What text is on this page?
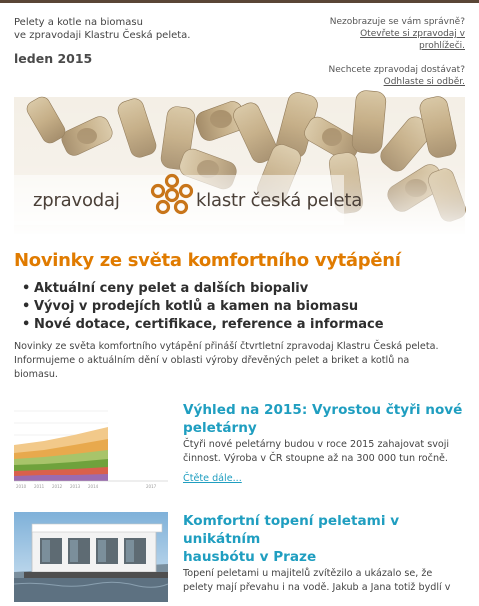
Pelety a kotle na biomasu
ve zpravodaji Klastru Česká peleta.
leden 2015
Nezobrazuje se vám správně?
Otevřete si zpravodaj v
prohlížeči.
Nechcete zpravodaj dostávat?
Odhlaste si odběr.
zpravodaj	klastr česká peleta
Novinky ze světa komfortního vytápění
• Aktuální ceny pelet a dalších biopaliv
• Vývoj v prodejích kotlů a kamen na biomasu
• Nové dotace, certifikace, reference a informace
Novinky ze světa komfortního vytápění přináší čtvrtletní zpravodaj Klastru Česká peleta.
Informujeme o aktuálním dění v oblasti výroby dřevěných pelet a briket a kotlů na
biomasu.
2010 2011 2012 2013 2014	2017
Výhled na 2015: Vyrostou čtyři nové
peletárny
Čtyři nové peletárny budou v roce 2015 zahajovat svoji
činnost. Výroba v ČR stoupne až na 300 000 tun ročně.
Čtěte dále...
Komfortní topení peletami v unikátním
hausbótu v Praze
Topení peletami u majitelů zvítězilo a ukázalo se, že
pelety mají převahu i na vodě. Jakub a Jana totiž bydlí v
